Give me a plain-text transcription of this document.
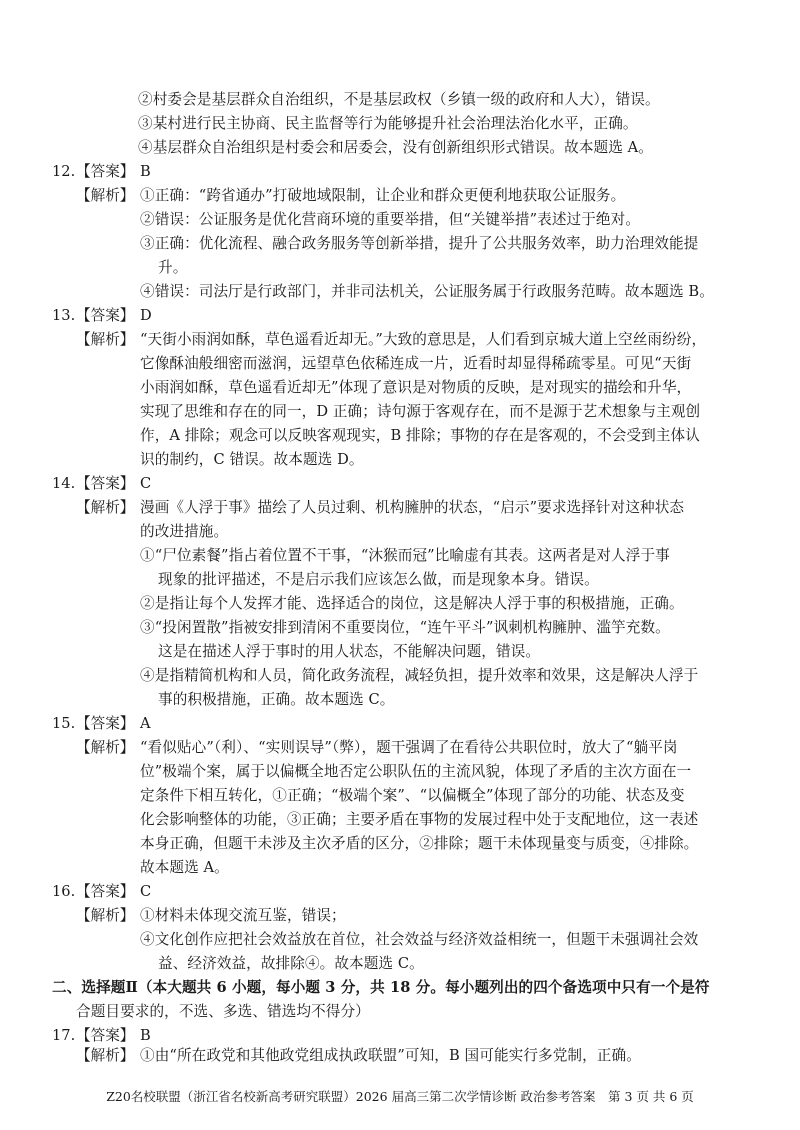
②村委会是基层群众自治组织，不是基层政权（乡镇一级的政府和人大），错误。
③某村进行民主协商、民主监督等行为能够提升社会治理法治化水平，正确。
④基层群众自治组织是村委会和居委会，没有创新组织形式错误。故本题选 A。
12. 【答案】 B
【解析】 ①正确：“跨省通办”打破地域限制，让企业和群众更便利地获取公证服务。
②错误：公证服务是优化营商环境的重要举措，但“关键举措”表述过于绝对。
③正确：优化流程、融合政务服务等创新举措，提升了公共服务效率，助力治理效能提
升。
④错误：司法厅是行政部门，并非司法机关，公证服务属于行政服务范畴。故本题选 B。
13. 【答案】 D
【解析】 “天街小雨润如酥，草色遥看近却无。”大致的意思是，人们看到京城大道上空丝雨纷纷，
它像酥油般细密而滋润，远望草色依稀连成一片，近看时却显得稀疏零星。可见“天街
小雨润如酥，草色遥看近却无”体现了意识是对物质的反映，是对现实的描绘和升华，
实现了思维和存在的同一，D 正确；诗句源于客观存在，而不是源于艺术想象与主观创
作，A 排除；观念可以反映客观现实，B 排除；事物的存在是客观的，不会受到主体认
识的制约，C 错误。故本题选 D。
14. 【答案】 C
【解析】 漫画《人浮于事》描绘了人员过剩、机构臃肿的状态，“启示”要求选择针对这种状态
的改进措施。
①“尸位素餐”指占着位置不干事，“沐猴而冠”比喻虚有其表。这两者是对人浮于事
现象的批评描述，不是启示我们应该怎么做，而是现象本身。错误。
②是指让每个人发挥才能、选择适合的岗位，这是解决人浮于事的积极措施，正确。
③“投闲置散”指被安排到清闲不重要岗位，“连午平斗”讽刺机构臃肿、滥竽充数。
这是在描述人浮于事时的用人状态，不能解决问题，错误。
④是指精简机构和人员，简化政务流程，减轻负担，提升效率和效果，这是解决人浮于
事的积极措施，正确。故本题选 C。
15. 【答案】 A
【解析】 “看似贴心”（利）、“实则误导”（弊），题干强调了在看待公共职位时，放大了“躺平岗
位”极端个案，属于以偏概全地否定公职队伍的主流风貌，体现了矛盾的主次方面在一
定条件下相互转化，①正确；“极端个案”、“以偏概全”体现了部分的功能、状态及变
化会影响整体的功能，③正确；主要矛盾在事物的发展过程中处于支配地位，这一表述
本身正确，但题干未涉及主次矛盾的区分，②排除；题干未体现量变与质变，④排除。
故本题选 A。
16. 【答案】 C
【解析】 ①材料未体现交流互鉴，错误；
④文化创作应把社会效益放在首位，社会效益与经济效益相统一，但题干未强调社会效
益、经济效益，故排除④。故本题选 C。
二、选择题Ⅱ（本大题共 6 小题，每小题 3 分，共 18 分。每小题列出的四个备选项中只有一个是符
合题目要求的，不选、多选、错选均不得分）
17. 【答案】 B
【解析】 ①由“所在政党和其他政党组成执政联盟”可知，B 国可能实行多党制，正确。
Z20名校联盟（浙江省名校新高考研究联盟）2026 届高三第二次学情诊断 政治参考答案　第 3 页 共 6 页
